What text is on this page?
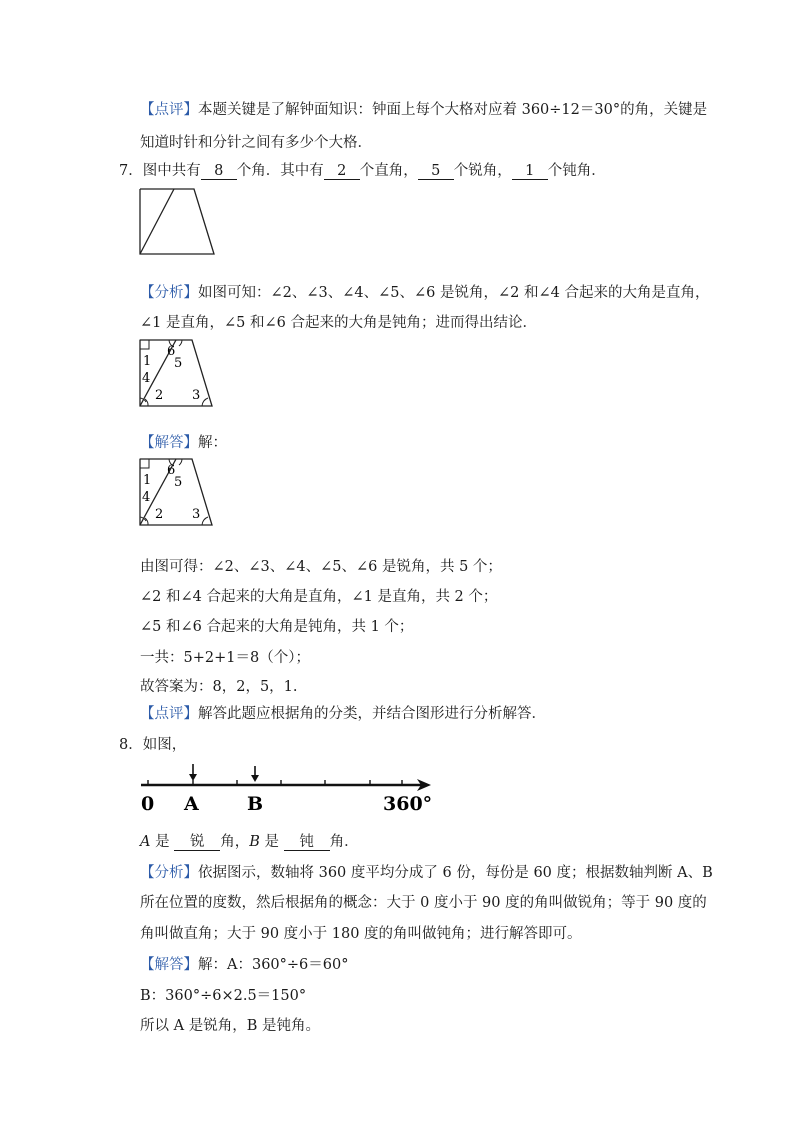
【点评】本题关键是了解钟面知识：钟面上每个大格对应着 360÷12＝30°的角，关键是
知道时针和分针之间有多少个大格．
7．图中共有 8 个角．其中有 2 个直角， 5 个锐角， 1 个钝角．
【分析】如图可知：∠2、∠3、∠4、∠5、∠6 是锐角，∠2 和∠4 合起来的大角是直角，
∠1 是直角，∠5 和∠6 合起来的大角是钝角；进而得出结论．
1
6
5
4
2 3
【解答】解：
1
6
5
4
2 3
由图可得：∠2、∠3、∠4、∠5、∠6 是锐角，共 5 个；
∠2 和∠4 合起来的大角是直角，∠1 是直角，共 2 个；
∠5 和∠6 合起来的大角是钝角，共 1 个；
一共：5+2+1＝8（个）；
故答案为：8，2，5，1.
【点评】解答此题应根据角的分类，并结合图形进行分析解答．
8．如图，
0 A	B	360°
A 是 锐 角，B 是 钝 角．
【分析】依据图示，数轴将 360 度平均分成了 6 份，每份是 60 度；根据数轴判断 A、B
所在位置的度数，然后根据角的概念：大于 0 度小于 90 度的角叫做锐角；等于 90 度的
角叫做直角；大于 90 度小于 180 度的角叫做钝角；进行解答即可。
【解答】解：A：360°÷6＝60°
B：360°÷6×2.5＝150°
所以 A 是锐角，B 是钝角。
